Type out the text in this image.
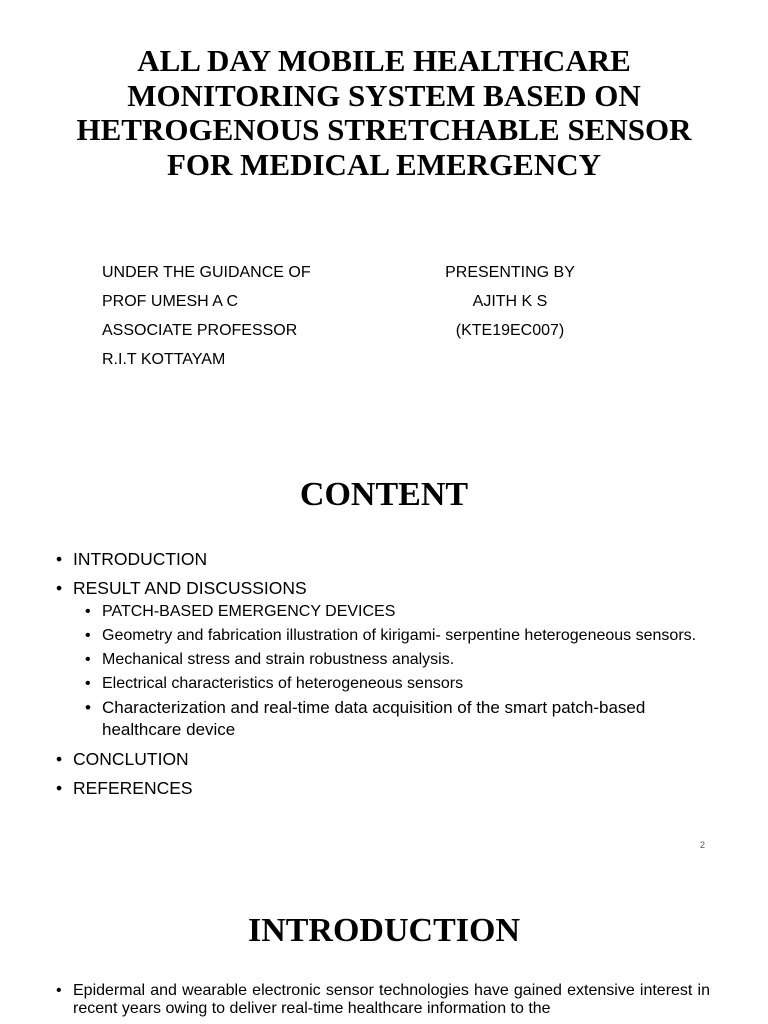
ALL DAY MOBILE HEALTHCARE MONITORING SYSTEM BASED ON HETROGENOUS STRETCHABLE SENSOR FOR MEDICAL EMERGENCY
UNDER THE GUIDANCE OF
PROF UMESH A C
ASSOCIATE PROFESSOR
R.I.T KOTTAYAM
PRESENTING BY
AJITH K S
(KTE19EC007)
CONTENT
• INTRODUCTION
• RESULT AND DISCUSSIONS
• PATCH-BASED EMERGENCY DEVICES
• Geometry and fabrication illustration of kirigami- serpentine heterogeneous sensors.
• Mechanical stress and strain robustness analysis.
• Electrical characteristics of heterogeneous sensors
• Characterization and real-time data acquisition of the smart patch-based healthcare device
• CONCLUTION
• REFERENCES
2
INTRODUCTION
• Epidermal and wearable electronic sensor technologies have gained extensive interest in recent years owing to deliver real-time healthcare information to the
